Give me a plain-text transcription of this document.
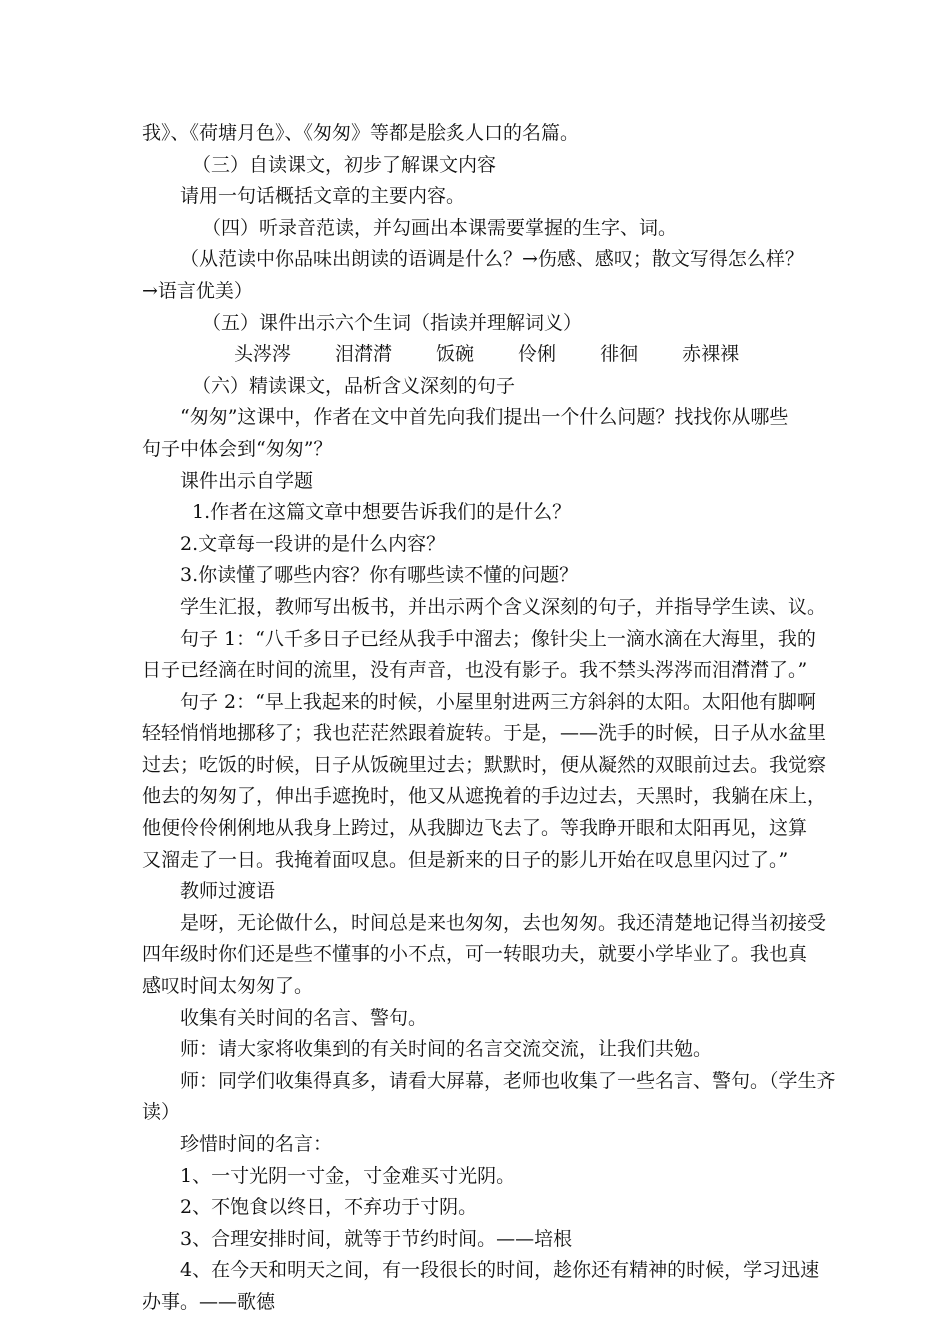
我》、《荷塘月色》、《匆匆》等都是脍炙人口的名篇。
（三）自读课文，初步了解课文内容
请用一句话概括文章的主要内容。
（四）听录音范读，并勾画出本课需要掌握的生字、词。
（从范读中你品味出朗读的语调是什么？→伤感、感叹；散文写得怎么样？
→语言优美）
（五）课件出示六个生词（指读并理解词义）
头涔涔 泪潸潸 饭碗 伶俐 徘徊 赤裸裸
（六）精读课文，品析含义深刻的句子
“匆匆”这课中，作者在文中首先向我们提出一个什么问题？找找你从哪些
句子中体会到“匆匆”？
课件出示自学题
1.作者在这篇文章中想要告诉我们的是什么？
2.文章每一段讲的是什么内容？
3.你读懂了哪些内容？你有哪些读不懂的问题？
学生汇报，教师写出板书，并出示两个含义深刻的句子，并指导学生读、议。
句子 1：“八千多日子已经从我手中溜去；像针尖上一滴水滴在大海里，我的
日子已经滴在时间的流里，没有声音，也没有影子。我不禁头涔涔而泪潸潸了。”
句子 2：“早上我起来的时候，小屋里射进两三方斜斜的太阳。太阳他有脚啊
轻轻悄悄地挪移了；我也茫茫然跟着旋转。于是，——洗手的时候，日子从水盆里
过去；吃饭的时候，日子从饭碗里过去；默默时，便从凝然的双眼前过去。我觉察
他去的匆匆了，伸出手遮挽时，他又从遮挽着的手边过去，天黑时，我躺在床上，
他便伶伶俐俐地从我身上跨过，从我脚边飞去了。等我睁开眼和太阳再见，这算
又溜走了一日。我掩着面叹息。但是新来的日子的影儿开始在叹息里闪过了。”
教师过渡语
是呀，无论做什么，时间总是来也匆匆，去也匆匆。我还清楚地记得当初接受
四年级时你们还是些不懂事的小不点，可一转眼功夫，就要小学毕业了。我也真
感叹时间太匆匆了。
收集有关时间的名言、警句。
师：请大家将收集到的有关时间的名言交流交流，让我们共勉。
师：同学们收集得真多，请看大屏幕，老师也收集了一些名言、警句。（学生齐
读）
珍惜时间的名言：
1、一寸光阴一寸金，寸金难买寸光阴。
2、不饱食以终日，不弃功于寸阴。
3、合理安排时间，就等于节约时间。——培根
4、在今天和明天之间，有一段很长的时间，趁你还有精神的时候，学习迅速
办事。——歌德
